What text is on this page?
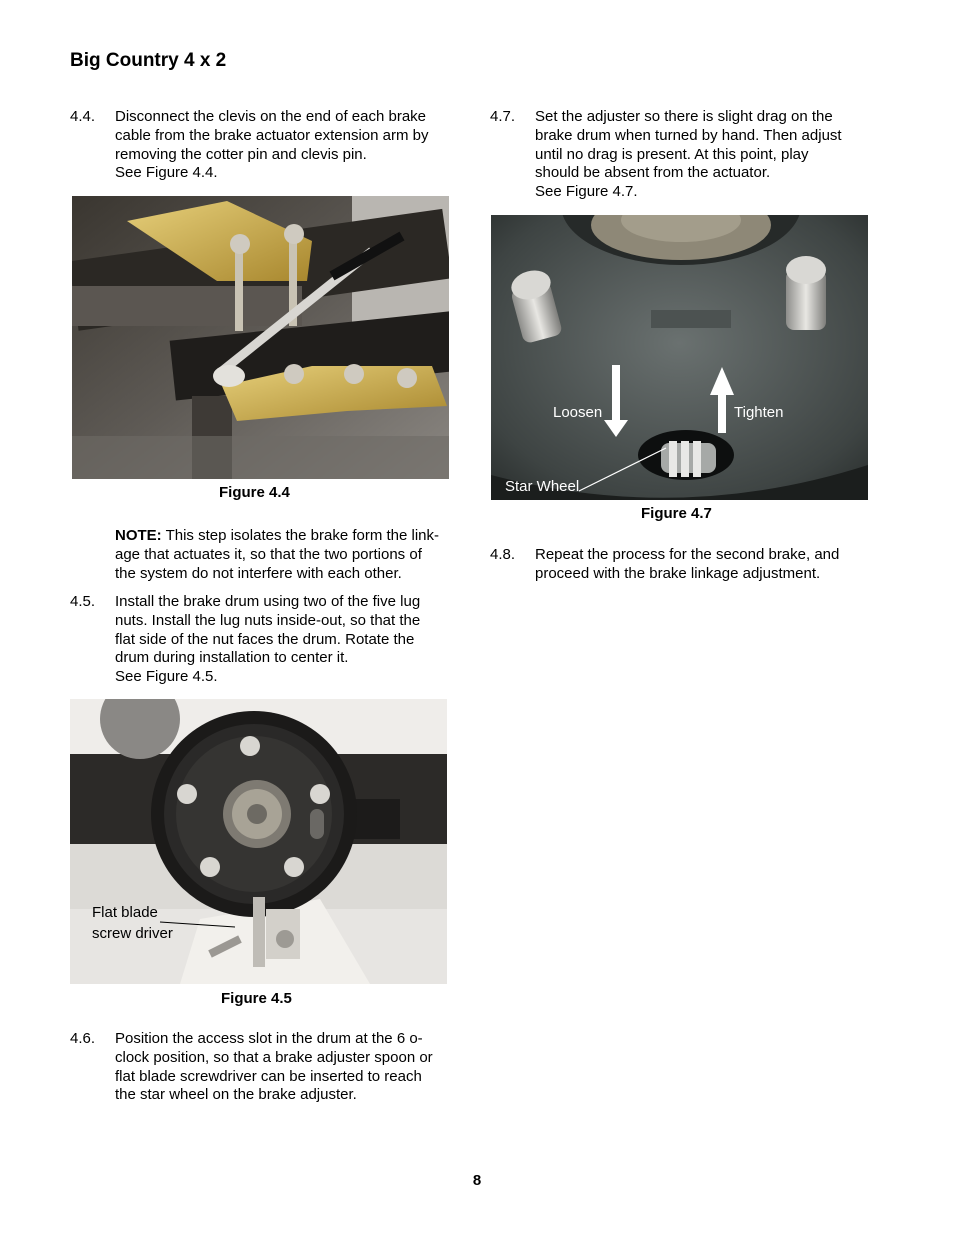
Big Country 4 x 2
4.4. Disconnect the clevis on the end of each brake
cable from the brake actuator extension arm by
removing the cotter pin and clevis pin.
See Figure 4.4.
Figure 4.4
NOTE: This step isolates the brake form the link-
age that actuates it, so that the two portions of
the system do not interfere with each other.
4.5. Install the brake drum using two of the five lug
nuts. Install the lug nuts inside-out, so that the
flat side of the nut faces the drum. Rotate the
drum during installation to center it.
See Figure 4.5.
Flat blade
screw driver
Figure 4.5
4.6. Position the access slot in the drum at the 6 o-
clock position, so that a brake adjuster spoon or
flat blade screwdriver can be inserted to reach
the star wheel on the brake adjuster.
4.7. Set the adjuster so there is slight drag on the
brake drum when turned by hand. Then adjust
until no drag is present. At this point, play
should be absent from the actuator.
See Figure 4.7.
Loosen	Tighten
Star Wheel
Figure 4.7
4.8. Repeat the process for the second brake, and
proceed with the brake linkage adjustment.
8
